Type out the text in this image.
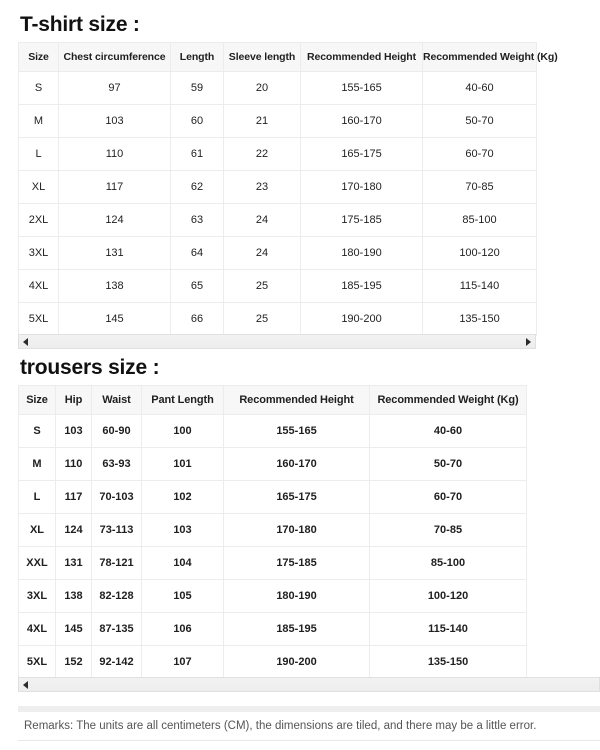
T-shirt size :
Size	Chest circumference	Length	Sleeve length	Recommended Height	Recommended Weight (Kg)
S	97	59	20	155-165	40-60
M	103	60	21	160-170	50-70
L	110	61	22	165-175	60-70
XL	117	62	23	170-180	70-85
2XL	124	63	24	175-185	85-100
3XL	131	64	24	180-190	100-120
4XL	138	65	25	185-195	115-140
5XL	145	66	25	190-200	135-150
trousers size :
Size	Hip	Waist	Pant Length	Recommended Height	Recommended Weight (Kg)
S	103	60-90	100	155-165	40-60
M	110	63-93	101	160-170	50-70
L	117	70-103	102	165-175	60-70
XL	124	73-113	103	170-180	70-85
XXL	131	78-121	104	175-185	85-100
3XL	138	82-128	105	180-190	100-120
4XL	145	87-135	106	185-195	115-140
5XL	152	92-142	107	190-200	135-150
Remarks: The units are all centimeters (CM), the dimensions are tiled, and there may be a little error.
